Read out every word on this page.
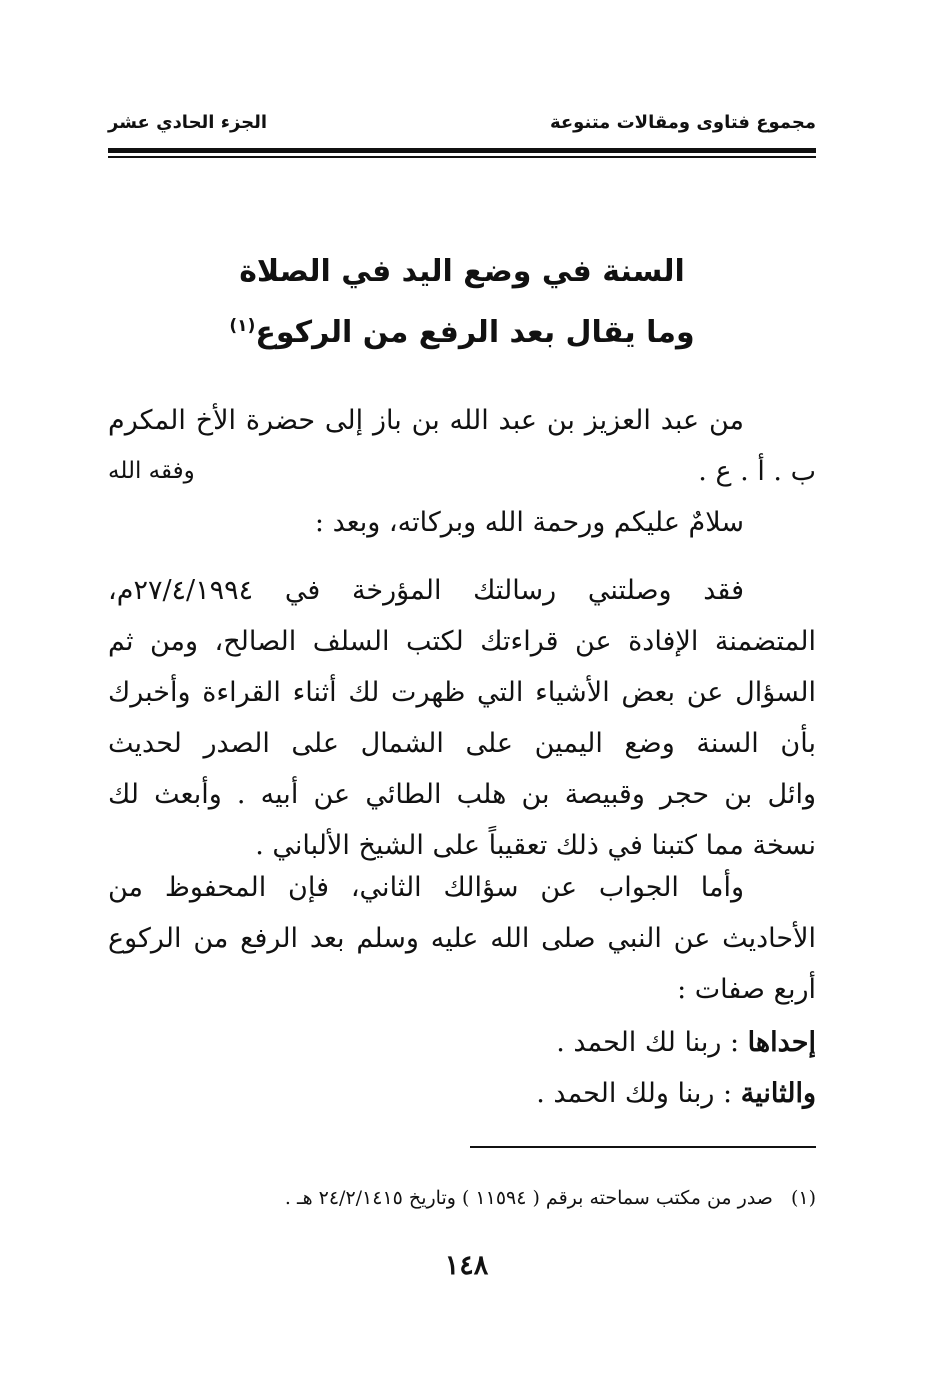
مجموع فتاوى ومقالات متنوعة
الجزء الحادي عشر
السنة في وضع اليد في الصلاة
وما يقال بعد الرفع من الركوع$^{(١)}$
من عبد العزيز بن عبد الله بن باز إلى حضرة الأخ المكرم
ب . أ . ع .
وفقه الله
سلامٌ عليكم ورحمة الله وبركاته، وبعد :
فقد وصلتني رسالتك المؤرخة في ٢٧/٤/١٩٩٤م،
المتضمنة الإفادة عن قراءتك لكتب السلف الصالح، ومن ثم
السؤال عن بعض الأشياء التي ظهرت لك أثناء القراءة وأخبرك
بأن السنة وضع اليمين على الشمال على الصدر لحديث
وائل بن حجر وقبيصة بن هلب الطائي عن أبيه . وأبعث لك
نسخة مما كتبنا في ذلك تعقيباً على الشيخ الألباني .
وأما الجواب عن سؤالك الثاني، فإن المحفوظ من
الأحاديث عن النبي صلى الله عليه وسلم بعد الرفع من الركوع
أربع صفات :
إحداها : ربنا لك الحمد .
والثانية : ربنا ولك الحمد .
(١)صدر من مكتب سماحته برقم ( ١١٥٩٤ ) وتاريخ ٢٤/٢/١٤١٥ هـ .
١٤٨
